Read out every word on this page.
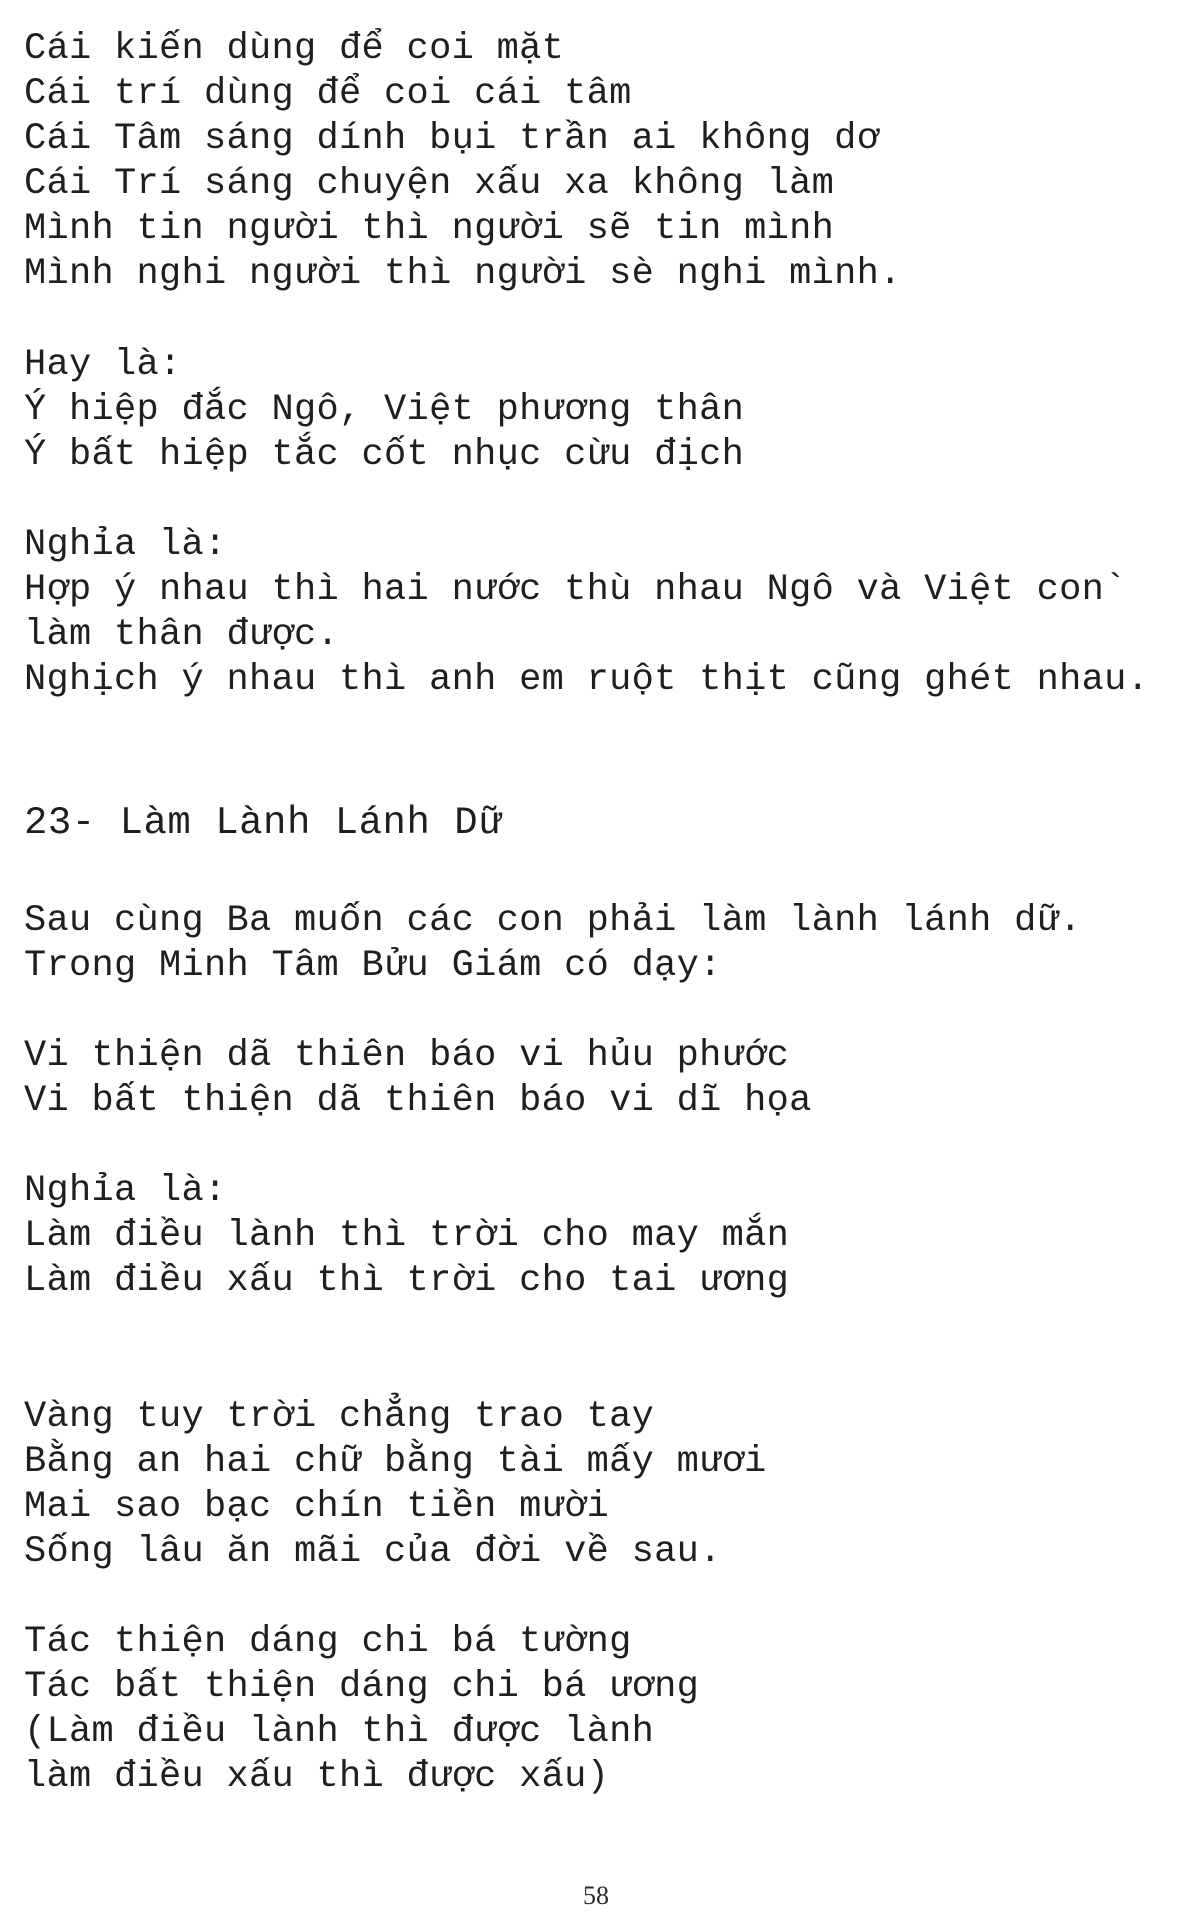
Cái kiến dùng để coi mặt
Cái trí dùng để coi cái tâm
Cái Tâm sáng dính bụi trần ai không dơ
Cái Trí sáng chuyện xấu xa không làm
Mình tin người thì người sẽ tin mình
Mình nghi người thì người sè nghi mình.
Hay là:
Ý hiệp đắc Ngô, Việt phương thân
Ý bất hiệp tắc cốt nhục cừu địch
Nghỉa là:
Hợp ý nhau thì hai nước thù nhau Ngô và Việt con`
làm thân được.
Nghịch ý nhau thì anh em ruột thịt cũng ghét nhau.
23- Làm Lành Lánh Dữ
Sau cùng Ba muốn các con phải làm lành lánh dữ.
Trong Minh Tâm Bửu Giám có dạy:
Vi thiện dã thiên báo vi hủu phước
Vi bất thiện dã thiên báo vi dĩ họa
Nghỉa là:
Làm điều lành thì trời cho may mắn
Làm điều xấu thì trời cho tai ương
Vàng tuy trời chẳng trao tay
Bằng an hai chữ bằng tài mấy mươi
Mai sao bạc chín tiền mười
Sống lâu ăn mãi của đời về sau.
Tác thiện dáng chi bá tường
Tác bất thiện dáng chi bá ương
(Làm điều lành thì được lành
làm điều xấu thì được xấu)
58
